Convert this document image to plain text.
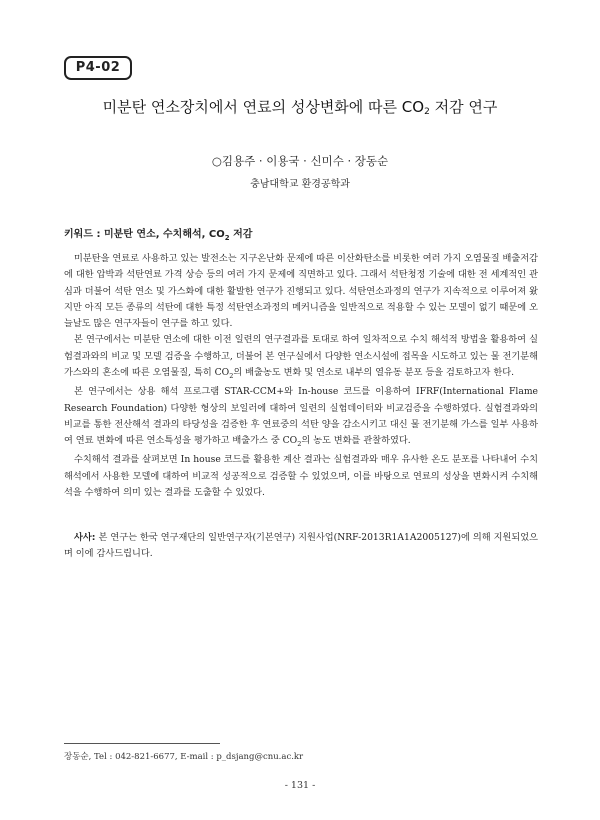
P4-02
미분탄 연소장치에서 연료의 성상변화에 따른 $CO_2$ 저감 연구
○김용주 · 이용국 · 신미수 · 장동순
충남대학교 환경공학과
키워드 : 미분탄 연소, 수치해석, $CO_2$ 저감

미분탄을 연료로 사용하고 있는 발전소는 지구온난화 문제에 따른 이산화탄소를 비롯한 여러 가지 오염물질 배출저감에 대한 압박과 석탄연료 가격 상승 등의 여러 가지 문제에 직면하고 있다. 그래서 석탄청정 기술에 대한 전 세계적인 관심과 더불어 석탄 연소 및 가스화에 대한 활발한 연구가 진행되고 있다. 석탄연소과정의 연구가 지속적으로 이루어져 왔지만 아직 모든 종류의 석탄에 대한 특정 석탄연소과정의 메커니즘을 일반적으로 적용할 수 있는 모델이 없기 때문에 오늘날도 많은 연구자들이 연구를 하고 있다.

본 연구에서는 미분탄 연소에 대한 이전 일련의 연구결과를 토대로 하여 일차적으로 수치 해석적 방법을 활용하여 실험결과와의 비교 및 모델 검증을 수행하고, 더불어 본 연구실에서 다양한 연소시설에 접목을 시도하고 있는 물 전기분해 가스와의 혼소에 따른 오염물질, 특히 $CO_2$의 배출농도 변화 및 연소로 내부의 열유동 분포 등을 검토하고자 한다.

본 연구에서는 상용 해석 프로그램 STAR-CCM+와 In-house 코드를 이용하여 IFRF(International Flame Research Foundation) 다양한 형상의 보일러에 대하여 일련의 실험데이터와 비교검증을 수행하였다. 실험결과와의 비교를 통한 전산해석 결과의 타당성을 검증한 후 연료중의 석탄 양을 감소시키고 대신 물 전기분해 가스를 일부 사용하여 연료 변화에 따른 연소특성을 평가하고 배출가스 중 $CO_2$의 농도 변화를 관찰하였다.

수치해석 결과를 살펴보면 In house 코드를 활용한 계산 결과는 실험결과와 매우 유사한 온도 분포를 나타내어 수치해석에서 사용한 모델에 대하여 비교적 성공적으로 검증할 수 있었으며, 이를 바탕으로 연료의 성상을 변화시켜 수치해석을 수행하여 의미 있는 결과를 도출할 수 있었다.

사사: 본 연구는 한국 연구재단의 일반연구자(기본연구) 지원사업(NRF-2013R1A1A2005127)에 의해 지원되었으며 이에 감사드립니다.
장동순, Tel : 042-821-6677, E-mail : p_dsjang@cnu.ac.kr
- 131 -
